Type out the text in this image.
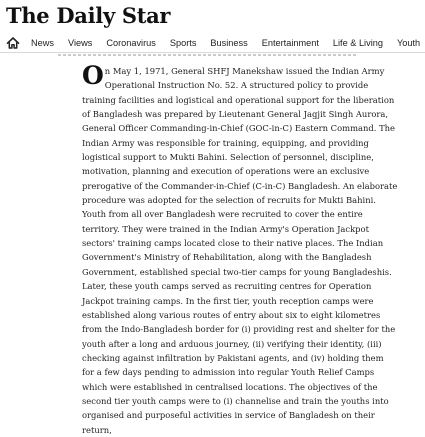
The Daily Star
News Views Coronavirus Sports Business Entertainment Life & Living Youth

On May 1, 1971, General SHFJ Manekshaw issued the Indian Army Operational Instruction No. 52. A structured policy to provide training facilities and logistical and operational support for the liberation of Bangladesh was prepared by Lieutenant General Jagjit Singh Aurora, General Officer Commanding-in-Chief (GOC-in-C) Eastern Command. The Indian Army was responsible for training, equipping, and providing logistical support to Mukti Bahini. Selection of personnel, discipline, motivation, planning and execution of operations were an exclusive prerogative of the Commander-in-Chief (C-in-C) Bangladesh. An elaborate procedure was adopted for the selection of recruits for Mukti Bahini. Youth from all over Bangladesh were recruited to cover the entire territory. They were trained in the Indian Army's Operation Jackpot sectors' training camps located close to their native places. The Indian Government's Ministry of Rehabilitation, along with the Bangladesh Government, established special two-tier camps for young Bangladeshis. Later, these youth camps served as recruiting centres for Operation Jackpot training camps. In the first tier, youth reception camps were established along various routes of entry about six to eight kilometres from the Indo-Bangladesh border for (i) providing rest and shelter for the youth after a long and arduous journey, (ii) verifying their identity, (iii) checking against infiltration by Pakistani agents, and (iv) holding them for a few days pending to admission into regular Youth Relief Camps which were established in centralised locations. The objectives of the second tier youth camps were to (i) channelise and train the youths into organised and purposeful activities in service of Bangladesh on their return,
